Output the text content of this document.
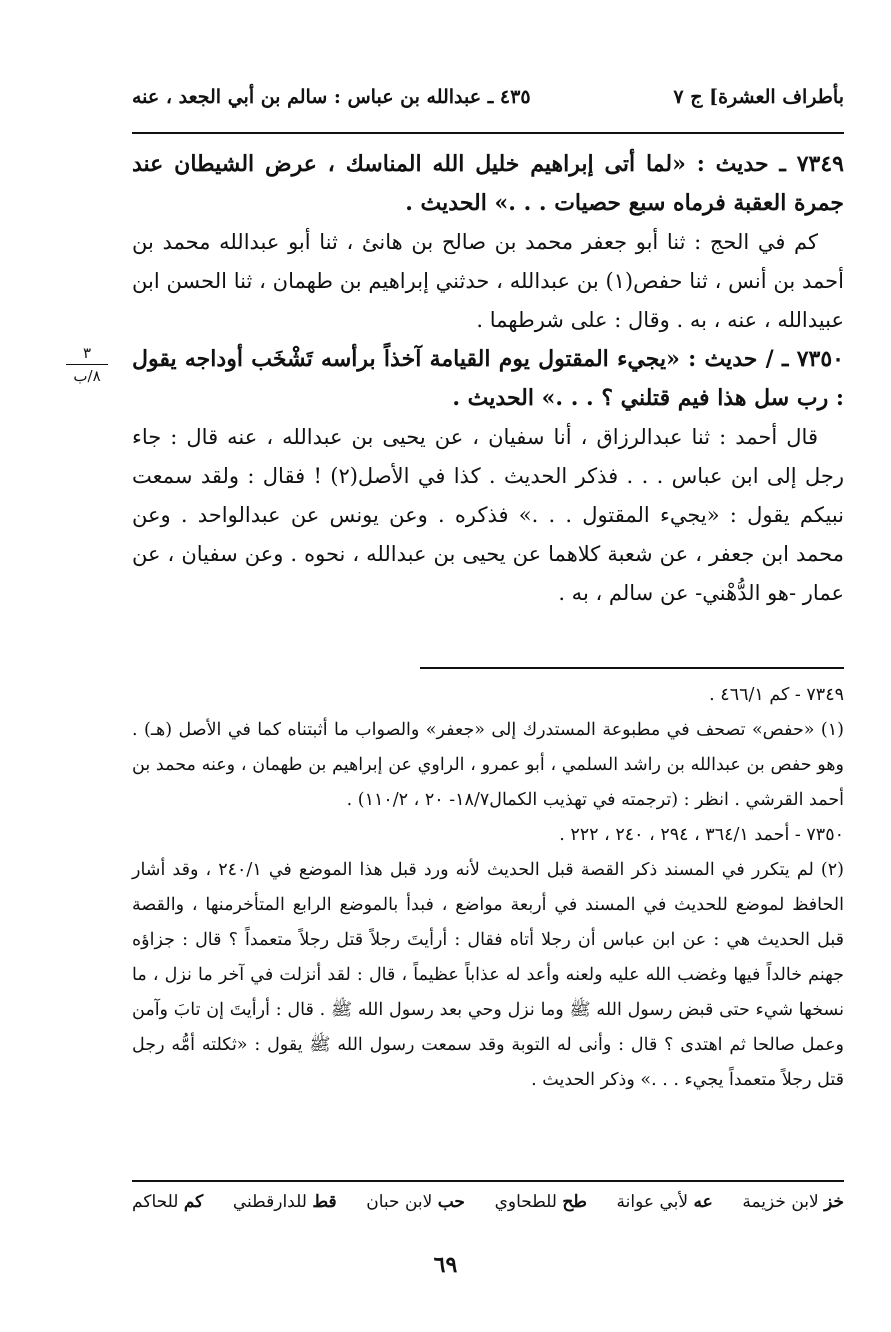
بأطراف العشرة] ج ٧
٤٣٥ ـ عبدالله بن عباس : سالم بن أبي الجعد ، عنه
٣
٨/ب

٧٣٤٩ ـ حديث : «لما أتى إبراهيم خليل الله المناسك ، عرض الشيطان عند جمرة العقبة فرماه سبع حصيات . . .» الحديث .

كم في الحج : ثنا أبو جعفر محمد بن صالح بن هانئ ، ثنا أبو عبدالله محمد بن أحمد بن أنس ، ثنا حفص(١) بن عبدالله ، حدثني إبراهيم بن طهمان ، ثنا الحسن ابن عبيدالله ، عنه ، به . وقال : على شرطهما .

٧٣٥٠ ـ / حديث : «يجيء المقتول يوم القيامة آخذاً برأسه تَشْخَب أوداجه يقول : رب سل هذا فيم قتلني ؟ . . .» الحديث .

قال أحمد : ثنا عبدالرزاق ، أنا سفيان ، عن يحيى بن عبدالله ، عنه قال : جاء رجل إلى ابن عباس . . . فذكر الحديث . كذا في الأصل(٢) ! فقال : ولقد سمعت نبيكم يقول : «يجيء المقتول . . .» فذكره . وعن يونس عن عبدالواحد . وعن محمد ابن جعفر ، عن شعبة كلاهما عن يحيى بن عبدالله ، نحوه . وعن سفيان ، عن عمار -هو الدُّهْني- عن سالم ، به .

٧٣٤٩ - كم ٤٦٦/١ .

(١) «حفص» تصحف في مطبوعة المستدرك إلى «جعفر» والصواب ما أثبتناه كما في الأصل (هـ) . وهو حفص بن عبدالله بن راشد السلمي ، أبو عمرو ، الراوي عن إبراهيم بن طهمان ، وعنه محمد بن أحمد القرشي . انظر : (ترجمته في تهذيب الكمال١٨/٧- ٢٠ ، ١١٠/٢) .

٧٣٥٠ - أحمد ٣٦٤/١ ، ٢٩٤ ، ٢٤٠ ، ٢٢٢ .

(٢) لم يتكرر في المسند ذكر القصة قبل الحديث لأنه ورد قبل هذا الموضع في ٢٤٠/١ ، وقد أشار الحافظ لموضع للحديث في المسند في أربعة مواضع ، فبدأ بالموضع الرابع المتأخرمنها ، والقصة قبل الحديث هي : عن ابن عباس أن رجلا أتاه فقال : أرأيتَ رجلاً قتل رجلاً متعمداً ؟ قال : جزاؤه جهنم خالداً فيها وغضب الله عليه ولعنه وأعد له عذاباً عظيماً ، قال : لقد أنزلت في آخر ما نزل ، ما نسخها شيء حتى قبض رسول الله ﷺ وما نزل وحي بعد رسول الله ﷺ . قال : أرأيتَ إن تابَ وآمن وعمل صالحا ثم اهتدى ؟ قال : وأنى له التوبة وقد سمعت رسول الله ﷺ يقول : «ثكلته أمُّه رجل قتل رجلاً متعمداً يجيء . . .» وذكر الحديث .

خز لابن خزيمة
عه لأبي عوانة
طح للطحاوي
حب لابن حبان
قط للدارقطني
كم للحاكم
٦٩
